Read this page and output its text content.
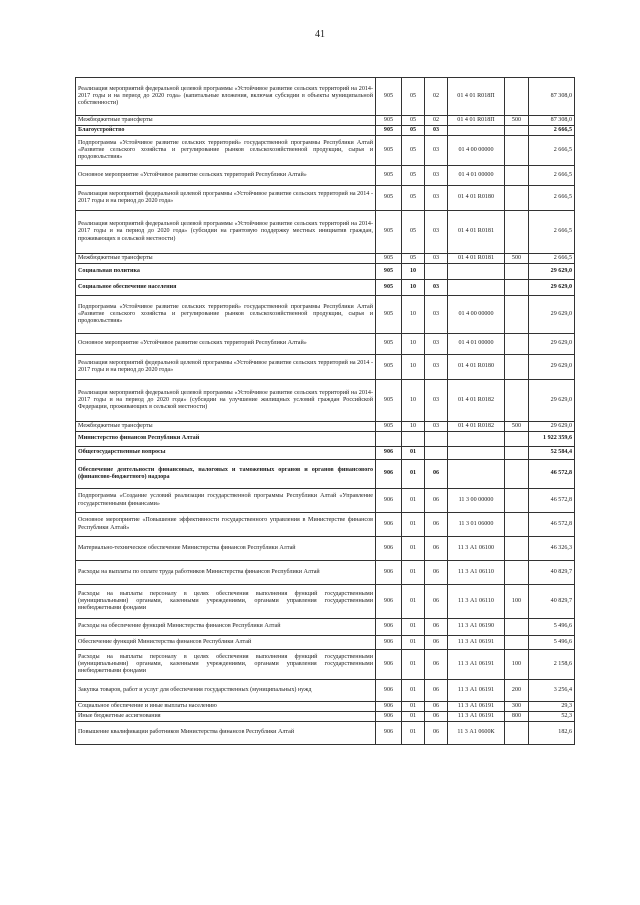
41
Реализация мероприятий федеральной целевой программы «Устойчивое развитие сельских территорий на 2014-2017 годы и на период до 2020 года» (капитальные вложения, включая субсидии в объекты муниципальной собственности)	905	05	02	01 4 01 R018П		87 308,0
Межбюджетные трансферты	905	05	02	01 4 01 R018П	500	87 308,0
Благоустройство	905	05	03			2 666,5
Подпрограмма «Устойчивое развитие сельских территорий» государственной программы Республики Алтай «Развитие сельского хозяйства и регулирование рынков сельскохозяйственной продукции, сырья и продовольствия»	905	05	03	01 4 00 00000		2 666,5
Основное мероприятие «Устойчивое развитие сельских территорий Республики Алтай»	905	05	03	01 4 01 00000		2 666,5
Реализация мероприятий федеральной целевой программы «Устойчивое развитие сельских территорий на 2014 - 2017 годы и на период до 2020 года»	905	05	03	01 4 01 R0180		2 666,5
Реализация мероприятий федеральной целевой программы «Устойчивое развитие сельских территорий на 2014-2017 годы и на период до 2020 года» (субсидии на грантовую поддержку местных инициатив граждан, проживающих в сельской местности)	905	05	03	01 4 01 R0181		2 666,5
Межбюджетные трансферты	905	05	03	01 4 01 R0181	500	2 666,5
Социальная политика	905	10				29 629,0
Социальное обеспечение населения	905	10	03			29 629,0
Подпрограмма «Устойчивое развитие сельских территорий» государственной программы Республики Алтай «Развитие сельского хозяйства и регулирование рынков сельскохозяйственной продукции, сырья и продовольствия»	905	10	03	01 4 00 00000		29 629,0
Основное мероприятие «Устойчивое развитие сельских территорий Республики Алтай»	905	10	03	01 4 01 00000		29 629,0
Реализация мероприятий федеральной целевой программы «Устойчивое развитие сельских территорий на 2014 - 2017 годы и на период до 2020 года»	905	10	03	01 4 01 R0180		29 629,0
Реализация мероприятий федеральной целевой программы «Устойчивое развитие сельских территорий на 2014-2017 годы и на период до 2020 года» (субсидии на улучшение жилищных условий граждан Российской Федерации, проживающих в сельской местности)	905	10	03	01 4 01 R0182		29 629,0
Межбюджетные трансферты	905	10	03	01 4 01 R0182	500	29 629,0
Министерство финансов Республики Алтай						1 922 359,6
Общегосударственные вопросы	906	01				52 584,4
Обеспечение деятельности финансовых, налоговых и таможенных органов и органов финансового (финансово-бюджетного) надзора	906	01	06			46 572,8
Подпрограмма «Создание условий реализации государственной программы Республики Алтай «Управление государственными финансами»	906	01	06	11 3 00 00000		46 572,8
Основное мероприятие «Повышение эффективности государственного управления в Министерстве финансов Республики Алтай»	906	01	06	11 3 01 06000		46 572,8
Материально-техническое обеспечение Министерства финансов Республики Алтай	906	01	06	11 3 А1 06100		46 326,3
Расходы на выплаты по оплате труда работников Министерства финансов Республики Алтай	906	01	06	11 3 А1 06110		40 829,7
Расходы на выплаты персоналу в целях обеспечения выполнения функций государственными (муниципальными) органами, казенными учреждениями, органами управления государственными внебюджетными фондами	906	01	06	11 3 А1 06110	100	40 829,7
Расходы на обеспечение функций Министерства финансов Республики Алтай	906	01	06	11 3 А1 06190		5 496,6
Обеспечение функций Министерства финансов Республики Алтай	906	01	06	11 3 А1 06191		5 496,6
Расходы на выплаты персоналу в целях обеспечения выполнения функций государственными (муниципальными) органами, казенными учреждениями, органами управления государственными внебюджетными фондами	906	01	06	11 3 А1 06191	100	2 158,6
Закупка товаров, работ и услуг для обеспечения государственных (муниципальных) нужд	906	01	06	11 3 А1 06191	200	3 256,4
Социальное обеспечение и иные выплаты населению	906	01	06	11 3 А1 06191	300	29,3
Иные бюджетные ассигнования	906	01	06	11 3 А1 06191	800	52,3
Повышение квалификации работников Министерства финансов Республики Алтай	906	01	06	11 3 А1 0600К		182,6
